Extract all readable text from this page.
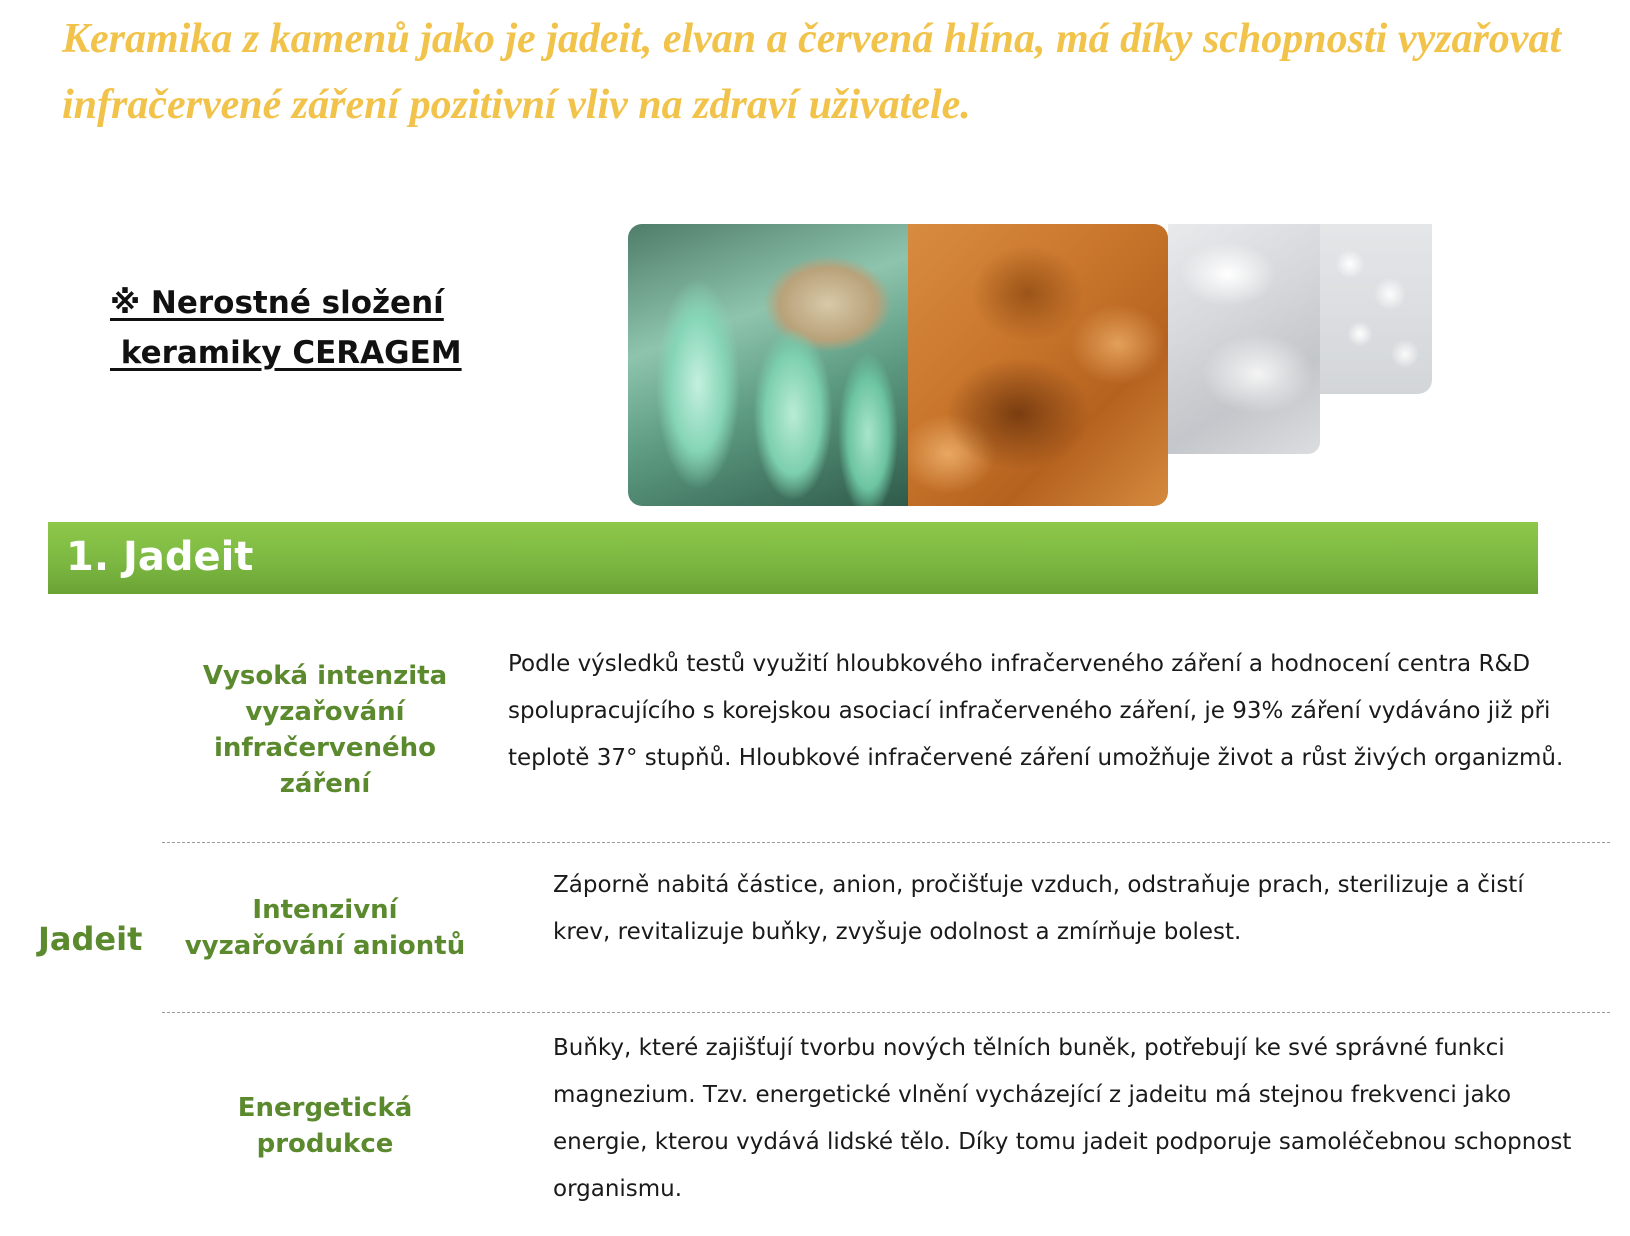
Keramika z kamenů jako je jadeit, elvan a červená hlína, má díky schopnosti vyzařovat infračervené záření pozitivní vliv na zdraví uživatele.
※ Nerostné složení
keramiky CERAGEM
1. Jadeit
Jadeit
Vysoká intenzita vyzařování infračerveného záření
Podle výsledků testů využití hloubkového infračerveného záření a hodnocení centra R&D spolupracujícího s korejskou asociací infračerveného záření, je 93% záření vydáváno již při teplotě 37° stupňů. Hloubkové infračervené záření umožňuje život a růst živých organizmů.
Intenzivní vyzařování aniontů
Záporně nabitá částice, anion, pročišťuje vzduch, odstraňuje prach, sterilizuje a čistí krev, revitalizuje buňky, zvyšuje odolnost a zmírňuje bolest.
Energetická produkce
Buňky, které zajišťují tvorbu nových tělních buněk, potřebují ke své správné funkci magnezium. Tzv. energetické vlnění vycházející z jadeitu má stejnou frekvenci jako energie, kterou vydává lidské tělo. Díky tomu jadeit podporuje samoléčebnou schopnost organismu.
